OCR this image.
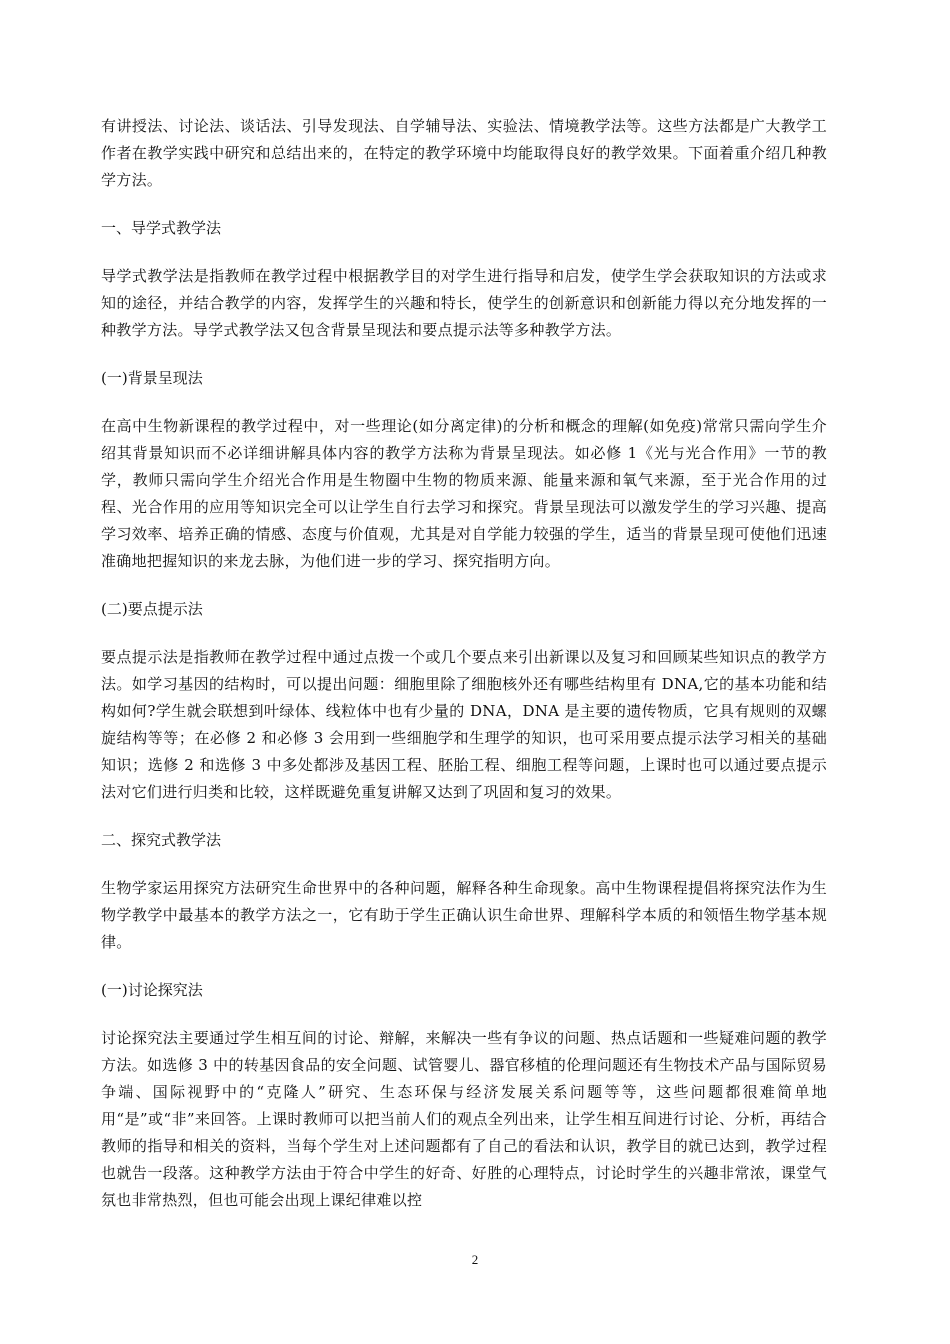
有讲授法、讨论法、谈话法、引导发现法、自学辅导法、实验法、情境教学法等。这些方法都是广大教学工作者在教学实践中研究和总结出来的，在特定的教学环境中均能取得良好的教学效果。下面着重介绍几种教学方法。

一、导学式教学法

导学式教学法是指教师在教学过程中根据教学目的对学生进行指导和启发，使学生学会获取知识的方法或求知的途径，并结合教学的内容，发挥学生的兴趣和特长，使学生的创新意识和创新能力得以充分地发挥的一种教学方法。导学式教学法又包含背景呈现法和要点提示法等多种教学方法。

(一)背景呈现法

在高中生物新课程的教学过程中，对一些理论(如分离定律)的分析和概念的理解(如免疫)常常只需向学生介绍其背景知识而不必详细讲解具体内容的教学方法称为背景呈现法。如必修 1《光与光合作用》一节的教学，教师只需向学生介绍光合作用是生物圈中生物的物质来源、能量来源和氧气来源，至于光合作用的过程、光合作用的应用等知识完全可以让学生自行去学习和探究。背景呈现法可以激发学生的学习兴趣、提高学习效率、培养正确的情感、态度与价值观，尤其是对自学能力较强的学生，适当的背景呈现可使他们迅速准确地把握知识的来龙去脉，为他们进一步的学习、探究指明方向。

(二)要点提示法

要点提示法是指教师在教学过程中通过点拨一个或几个要点来引出新课以及复习和回顾某些知识点的教学方法。如学习基因的结构时，可以提出问题：细胞里除了细胞核外还有哪些结构里有 DNA,它的基本功能和结构如何?学生就会联想到叶绿体、线粒体中也有少量的 DNA，DNA 是主要的遗传物质，它具有规则的双螺旋结构等等；在必修 2 和必修 3 会用到一些细胞学和生理学的知识，也可采用要点提示法学习相关的基础知识；选修 2 和选修 3 中多处都涉及基因工程、胚胎工程、细胞工程等问题，上课时也可以通过要点提示法对它们进行归类和比较，这样既避免重复讲解又达到了巩固和复习的效果。

二、探究式教学法

生物学家运用探究方法研究生命世界中的各种问题，解释各种生命现象。高中生物课程提倡将探究法作为生物学教学中最基本的教学方法之一，它有助于学生正确认识生命世界、理解科学本质的和领悟生物学基本规律。

(一)讨论探究法

讨论探究法主要通过学生相互间的讨论、辩解，来解决一些有争议的问题、热点话题和一些疑难问题的教学方法。如选修 3 中的转基因食品的安全问题、试管婴儿、器官移植的伦理问题还有生物技术产品与国际贸易争端、国际视野中的“克隆人”研究、生态环保与经济发展关系问题等等，这些问题都很难简单地用“是”或“非”来回答。上课时教师可以把当前人们的观点全列出来，让学生相互间进行讨论、分析，再结合教师的指导和相关的资料，当每个学生对上述问题都有了自己的看法和认识，教学目的就已达到，教学过程也就告一段落。这种教学方法由于符合中学生的好奇、好胜的心理特点，讨论时学生的兴趣非常浓，课堂气氛也非常热烈，但也可能会出现上课纪律难以控

2
